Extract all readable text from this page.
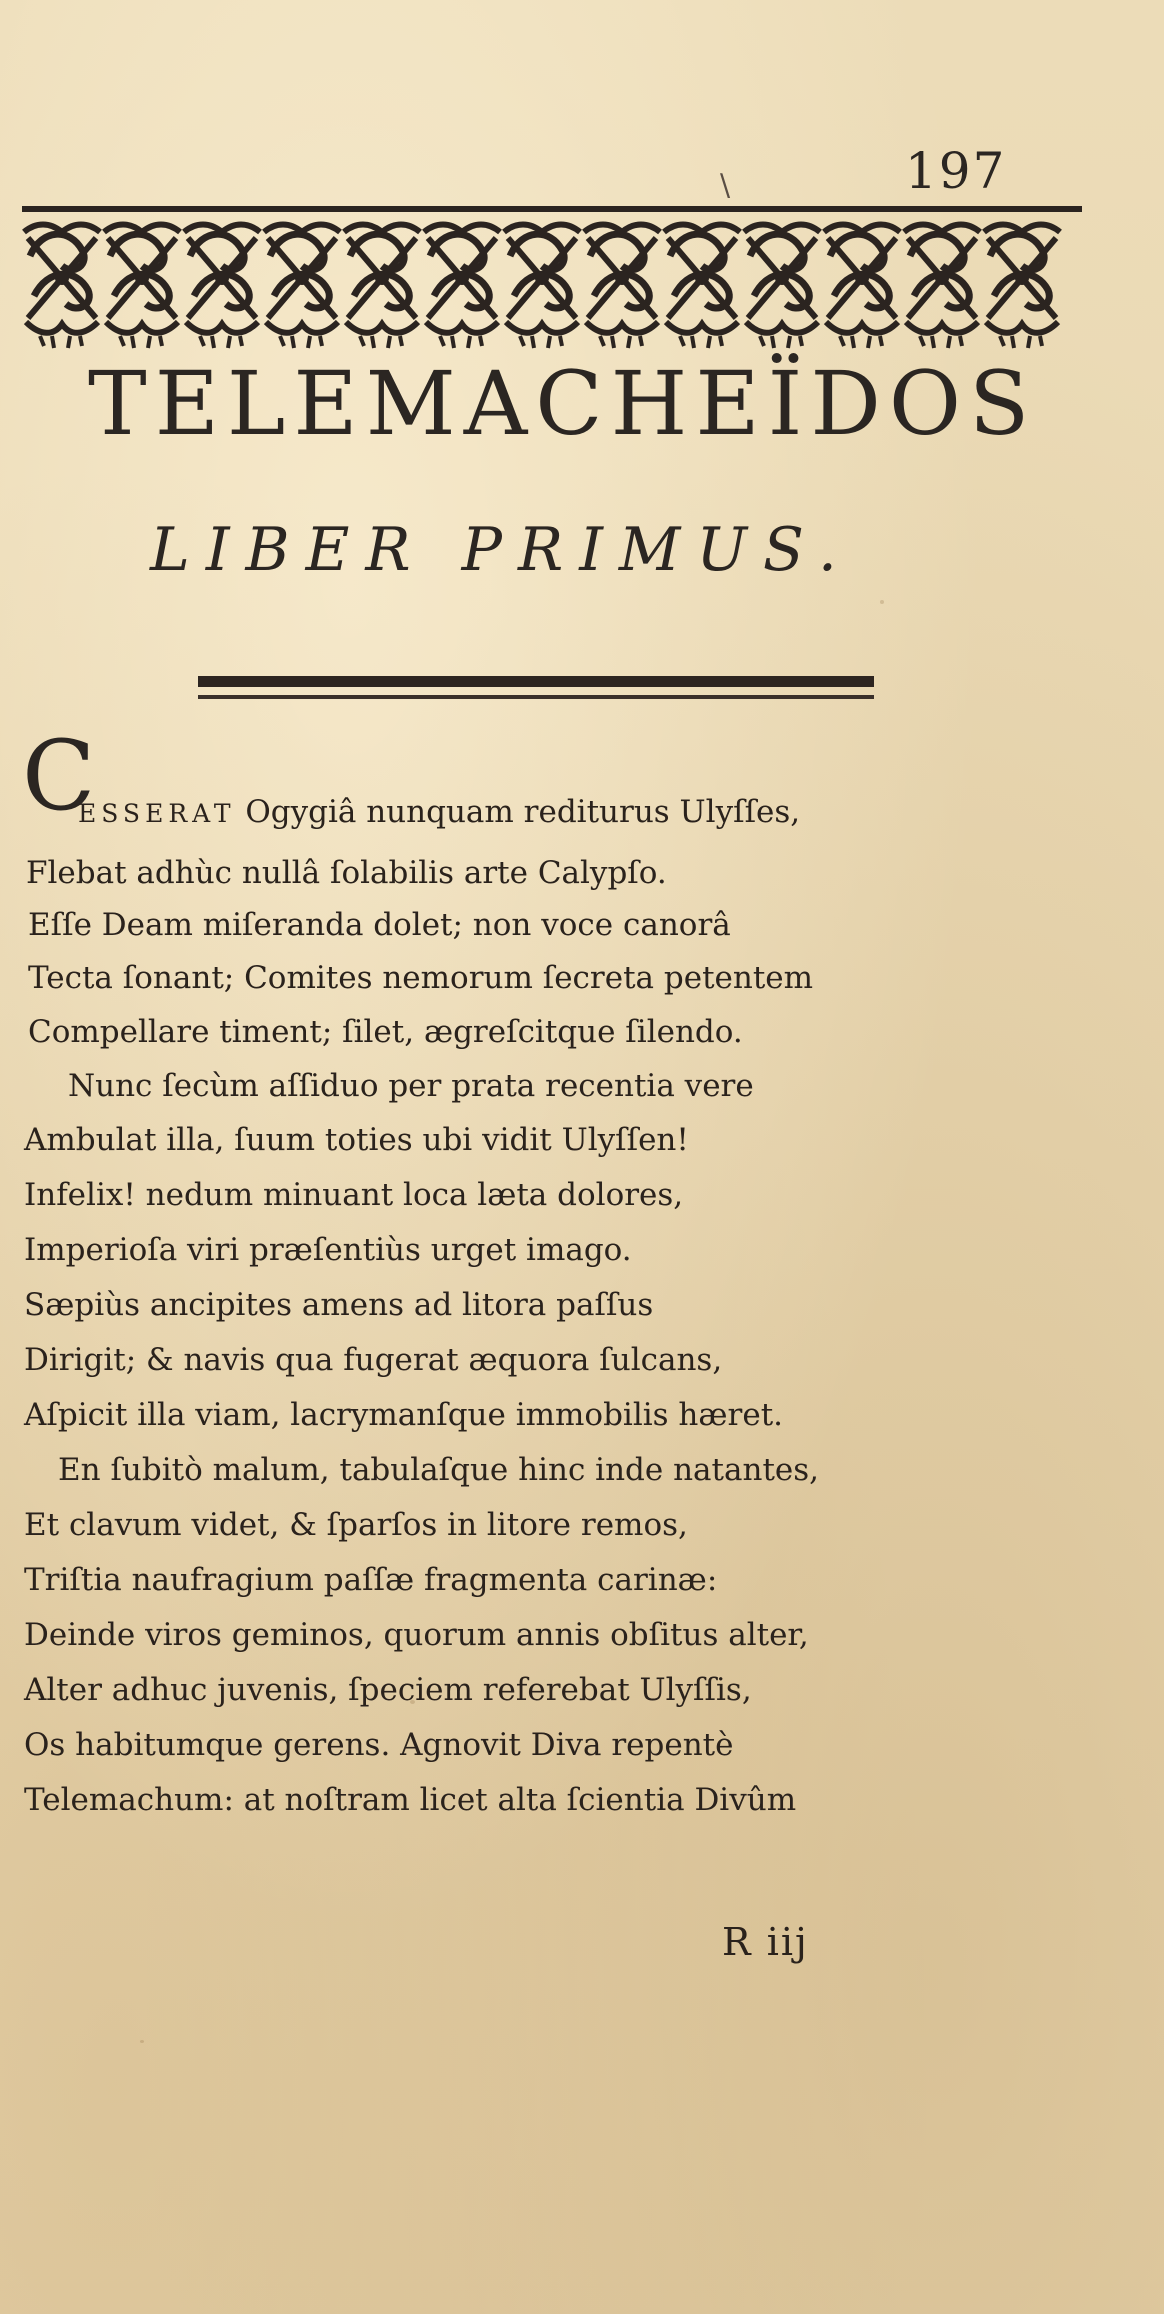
\	197
TELEMACHEÏDOS
LIBER PRIMUS.
C
ESSERAT Ogygiâ nunquam rediturus Ulyſſes,
Flebat adhùc nullâ ſolabilis arte Calypſo.
Eſſe Deam miſeranda dolet; non voce canorâ
Tecta ſonant; Comites nemorum ſecreta petentem
Compellare timent; ſilet, ægreſcitque ſilendo.
Nunc ſecùm aſſiduo per prata recentia vere
Ambulat illa, ſuum toties ubi vidit Ulyſſen!
Infelix! nedum minuant loca læta dolores,
Imperioſa viri præſentiùs urget imago.
Sæpiùs ancipites amens ad litora paſſus
Dirigit; & navis qua fugerat æquora ſulcans,
Aſpicit illa viam, lacrymanſque immobilis hæret.
En ſubitò malum, tabulaſque hinc inde natantes,
Et clavum videt, & ſparſos in litore remos,
Triſtia naufragium paſſæ fragmenta carinæ:
Deinde viros geminos, quorum annis obſitus alter,
Alter adhuc juvenis, ſpeciem referebat Ulyſſis,
Os habitumque gerens. Agnovit Diva repentè
Telemachum: at noſtram licet alta ſcientia Divûm
R iij
